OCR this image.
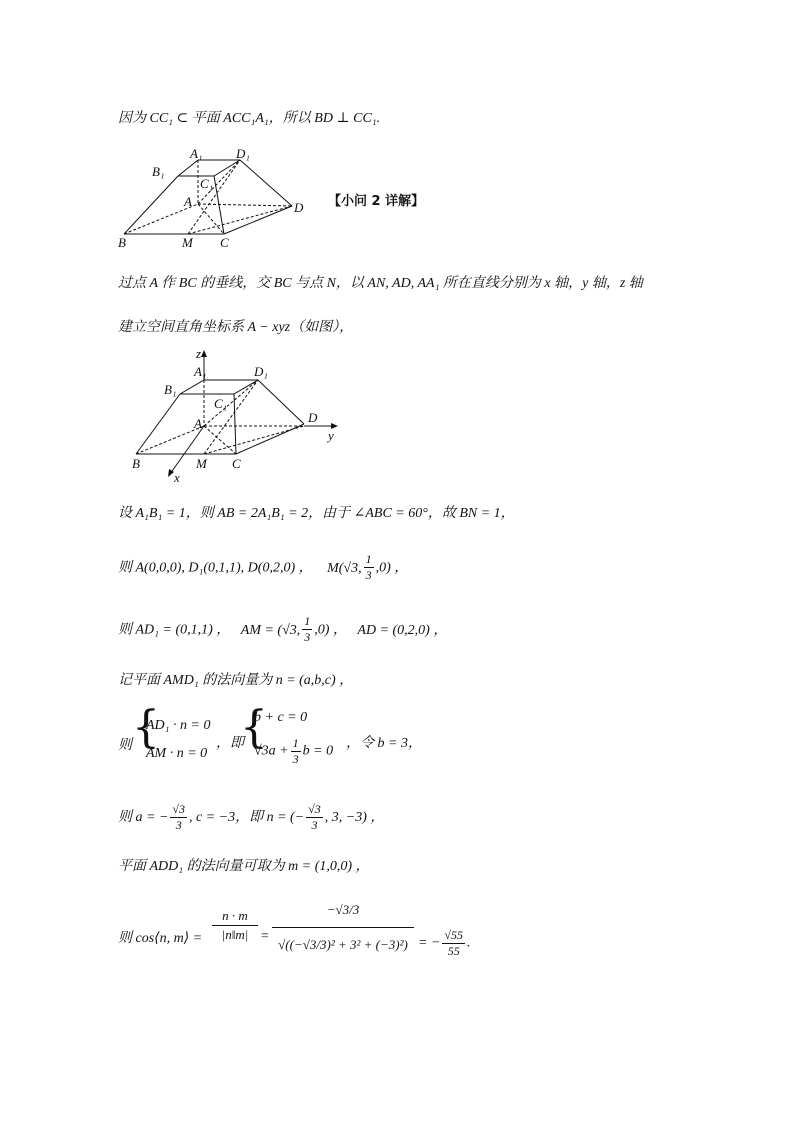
因为 CC₁ ⊂ 平面 ACC₁A₁，所以 BD ⊥ CC₁.
B₁
A₁	D₁
C₁
A	D
B	M C
【小问 2 详解】
过点 A 作 BC 的垂线，交 BC 与点 N，以 AN, AD, AA₁ 所在直线分别为 x 轴，y 轴，z 轴
建立空间直角坐标系 A − xyz（如图），
z
A₁	D₁
B₁
C₁
A	D
y
B	M C
x
设 A₁B₁ = 1，则 AB = 2A₁B₁ = 2，由于 ∠ABC = 60°，故 BN = 1，
则 A(0,0,0), D₁(0,1,1), D(0,2,0) ， M(√3, $\frac{1}{3} ,0$) ，
则 AD₁ = (0,1,1) ， AM = (√3, $\frac{1}{3} ,0$) ， AD = (0,2,0) ，
记平面 AMD₁ 的法向量为 n = (a,b,c) ，
则 {
AD₁ · n = 0
AM · n = 0
，即
{
b + c = 0
$√3a + \frac{1}{3}$ b = 0
，令 b = 3，
则 a = − $\frac{√3}{3}$ , c = −3，即 n = (− $\frac{√3}{3}$ , 3, −3) ，
平面 ADD₁ 的法向量可取为 m = (1,0,0) ，
则 cos⟨n, m⟩ =
n · m
|n‖m| =
−√3/3
√((−√3/3)² + 3² + (−3)²) = − $\frac{√55}{55}$ .
